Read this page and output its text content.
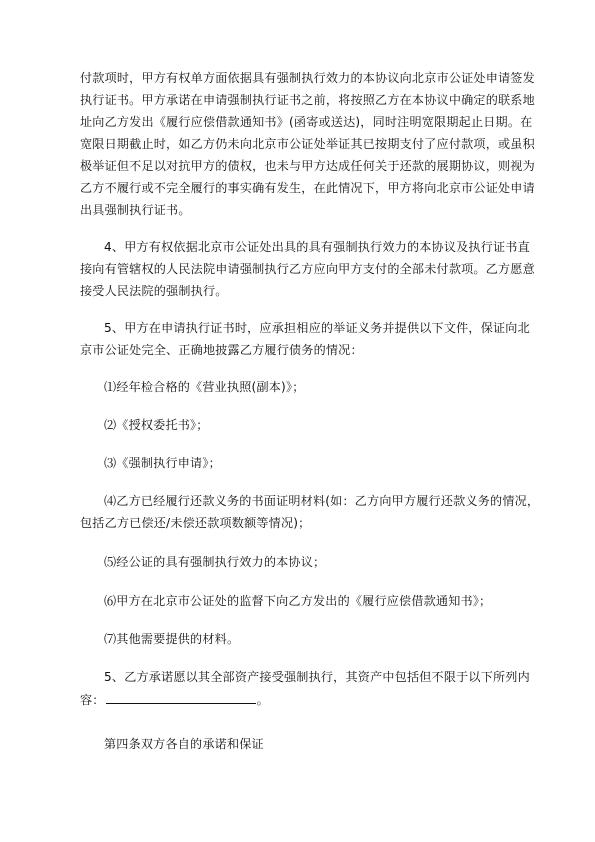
付款项时，甲方有权单方面依据具有强制执行效力的本协议向北京市公证处申请签发
执行证书。甲方承诺在申请强制执行证书之前，将按照乙方在本协议中确定的联系地
址向乙方发出《履行应偿借款通知书》(函寄或送达)，同时注明宽限期起止日期。在
宽限日期截止时，如乙方仍未向北京市公证处举证其已按期支付了应付款项，或虽积
极举证但不足以对抗甲方的债权，也未与甲方达成任何关于还款的展期协议，则视为
乙方不履行或不完全履行的事实确有发生，在此情况下，甲方将向北京市公证处申请
出具强制执行证书。
4、甲方有权依据北京市公证处出具的具有强制执行效力的本协议及执行证书直
接向有管辖权的人民法院申请强制执行乙方应向甲方支付的全部未付款项。乙方愿意
接受人民法院的强制执行。
5、甲方在申请执行证书时，应承担相应的举证义务并提供以下文件，保证向北
京市公证处完全、正确地披露乙方履行债务的情况：
⑴经年检合格的《营业执照(副本)》；
⑵《授权委托书》；
⑶《强制执行申请》；
⑷乙方已经履行还款义务的书面证明材料(如：乙方向甲方履行还款义务的情况，
包括乙方已偿还/未偿还款项数额等情况)；
⑸经公证的具有强制执行效力的本协议；
⑹甲方在北京市公证处的监督下向乙方发出的《履行应偿借款通知书》；
⑺其他需要提供的材料。
5、乙方承诺愿以其全部资产接受强制执行，其资产中包括但不限于以下所列内
容：	。
第四条双方各自的承诺和保证
